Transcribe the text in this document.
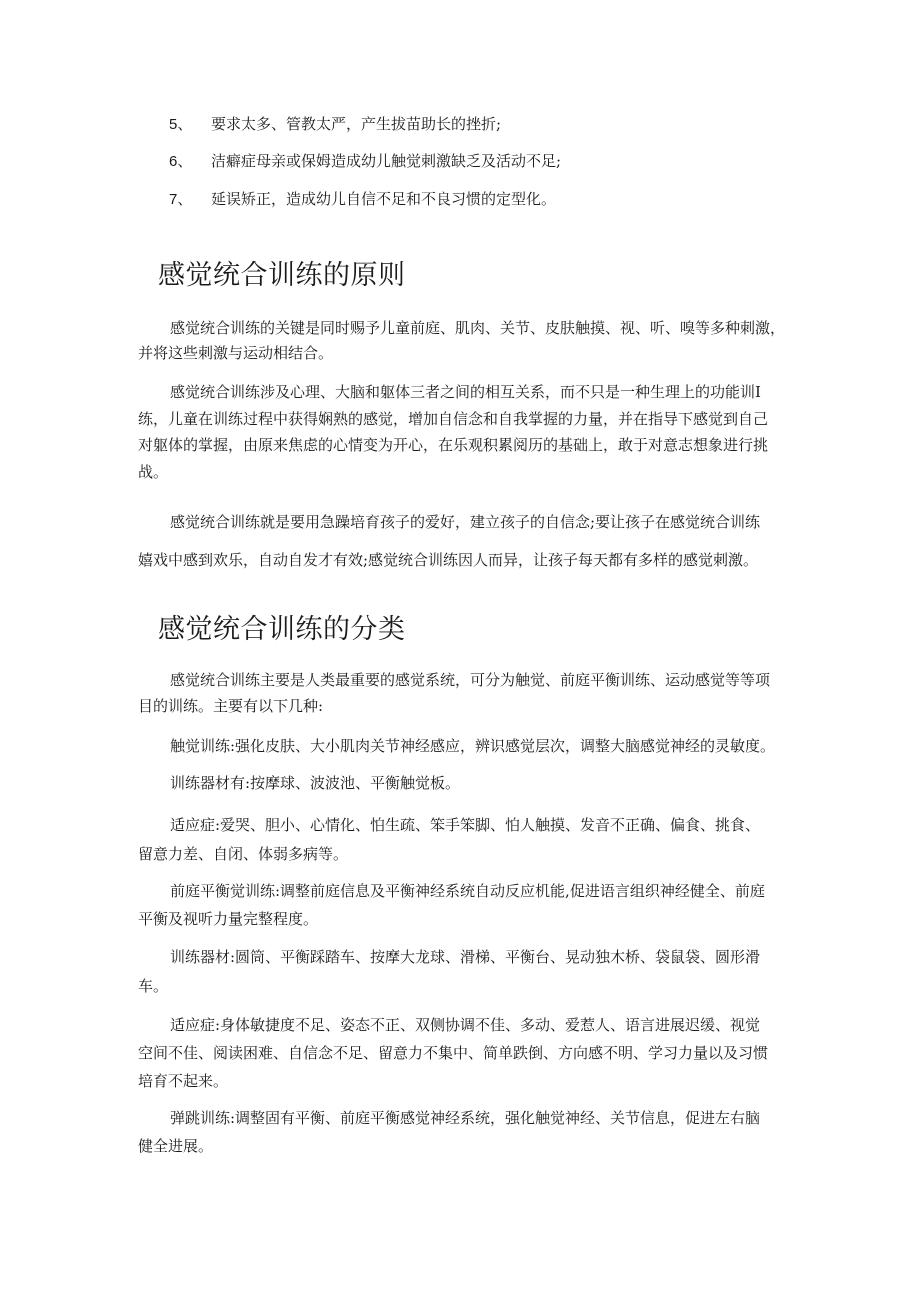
5、 要求太多、管教太严，产生拔苗助长的挫折;
6、 洁癖症母亲或保姆造成幼儿触觉刺激缺乏及活动不足;
7、 延误矫正，造成幼儿自信不足和不良习惯的定型化。
感觉统合训练的原则
感觉统合训练的关键是同时赐予儿童前庭、肌肉、关节、皮肤触摸、视、听、嗅等多种刺激，
并将这些刺激与运动相结合。
感觉统合训练涉及心理、大脑和躯体三者之间的相互关系，而不只是一种生理上的功能训Ⅰ
练，儿童在训练过程中获得娴熟的感觉，增加自信念和自我掌握的力量，并在指导下感觉到自己
对躯体的掌握，由原来焦虑的心情变为开心，在乐观积累阅历的基础上，敢于对意志想象进行挑
战。
感觉统合训练就是要用急躁培育孩子的爱好，建立孩子的自信念;要让孩子在感觉统合训练
嬉戏中感到欢乐，自动自发才有效;感觉统合训练因人而异，让孩子每天都有多样的感觉刺激。
感觉统合训练的分类
感觉统合训练主要是人类最重要的感觉系统，可分为触觉、前庭平衡训练、运动感觉等等项
目的训练。主要有以下几种:
触觉训练:强化皮肤、大小肌肉关节神经感应，辨识感觉层次，调整大脑感觉神经的灵敏度。
训练器材有:按摩球、波波池、平衡触觉板。
适应症:爱哭、胆小、心情化、怕生疏、笨手笨脚、怕人触摸、发音不正确、偏食、挑食、
留意力差、自闭、体弱多病等。
前庭平衡觉训练:调整前庭信息及平衡神经系统自动反应机能,促进语言组织神经健全、前庭
平衡及视听力量完整程度。
训练器材:圆筒、平衡踩踏车、按摩大龙球、滑梯、平衡台、晃动独木桥、袋鼠袋、圆形滑
车。
适应症:身体敏捷度不足、姿态不正、双侧协调不佳、多动、爱惹人、语言进展迟缓、视觉
空间不佳、阅读困难、自信念不足、留意力不集中、简单跌倒、方向感不明、学习力量以及习惯
培育不起来。
弹跳训练:调整固有平衡、前庭平衡感觉神经系统，强化触觉神经、关节信息，促进左右脑
健全进展。
